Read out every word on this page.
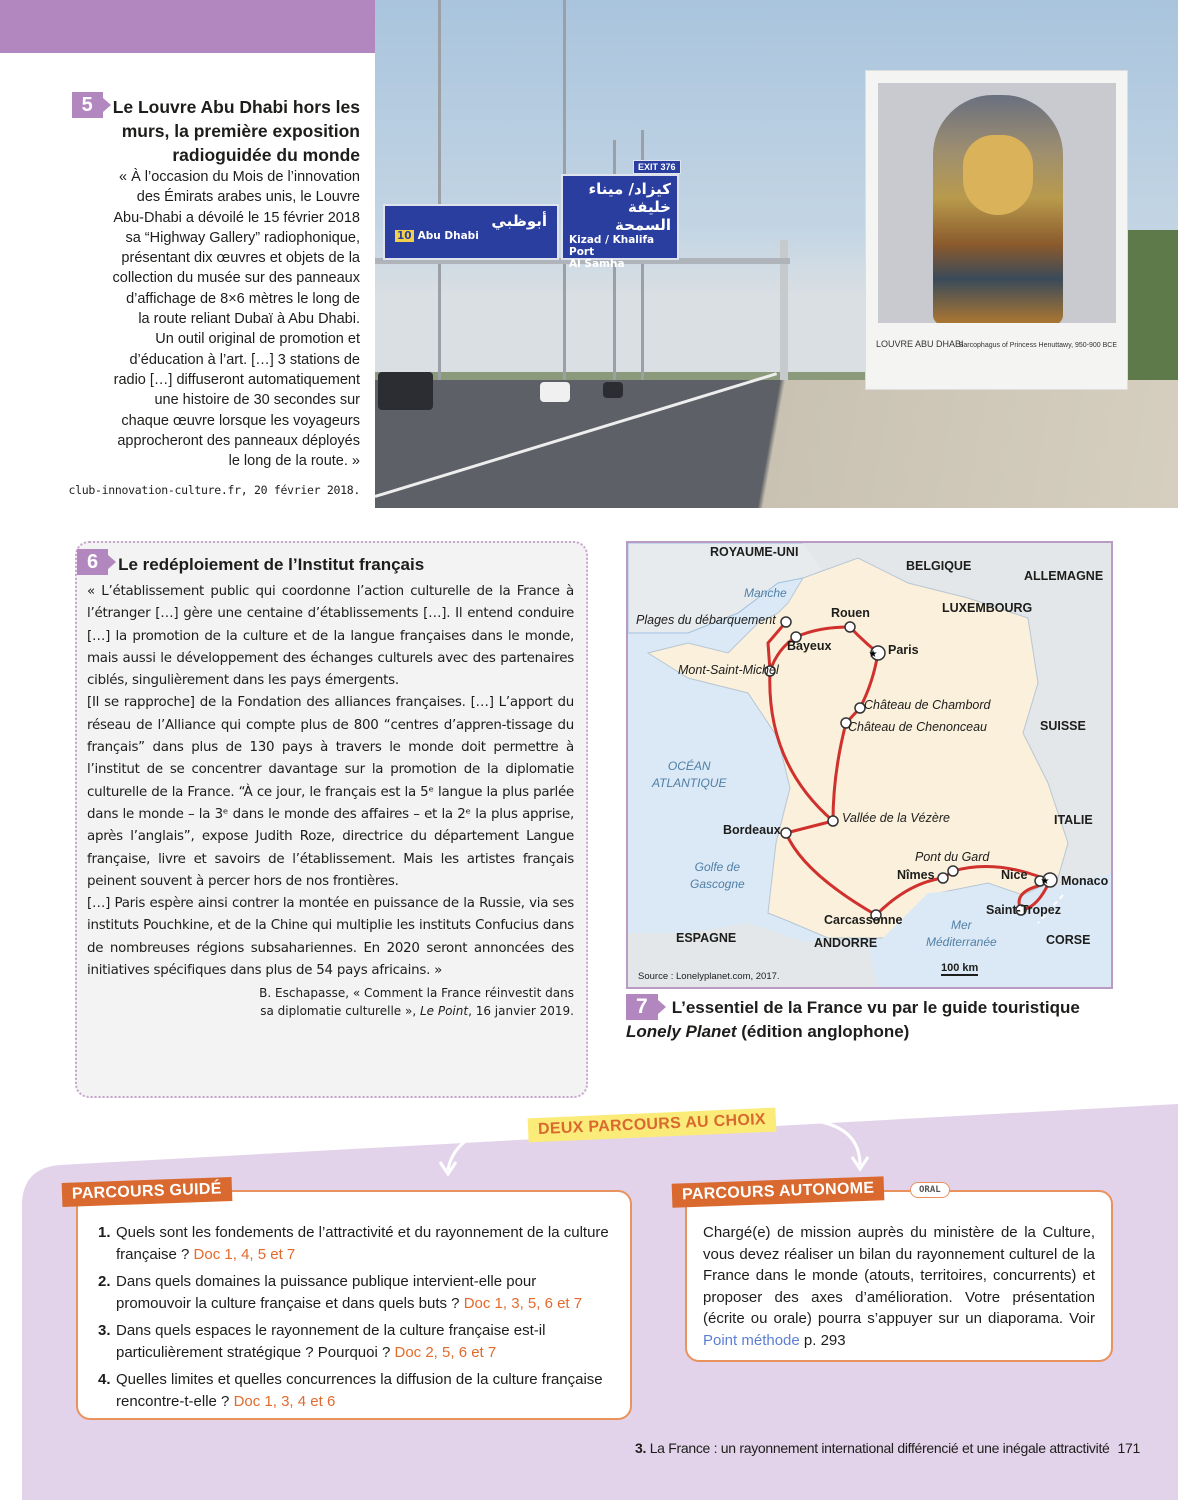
5 Le Louvre Abu Dhabi hors les murs, la première exposition radioguidée du monde
« À l’occasion du Mois de l’innovation
des Émirats arabes unis, le Louvre
Abu-Dhabi a dévoilé le 15 février 2018
sa “Highway Gallery” radiophonique,
présentant dix œuvres et objets de la
collection du musée sur des panneaux
d’affichage de 8×6 mètres le long de
la route reliant Dubaï à Abu Dhabi.
Un outil original de promotion et
d’éducation à l’art. […] 3 stations de
radio […] diffuseront automatiquement
une histoire de 30 secondes sur
chaque œuvre lorsque les voyageurs
approcheront des panneaux déployés
le long de la route. »
club-innovation-culture.fr, 20 février 2018.
أبوظبي
10 Abu Dhabi
EXIT 376
كيزاد/ ميناء خليفة
السمحة
Kizad / Khalifa Port
Al Samha
LOUVRE ABU DHABI
Sarcophagus of Princess Henuttawy, 950-900 BCE
6 Le redéploiement de l’Institut français

« L’établissement public qui coordonne l’action culturelle de la France à l’étranger […] gère une centaine d’établissements […]. Il entend conduire […] la promotion de la culture et de la langue françaises dans le monde, mais aussi le développement des échanges culturels avec des partenaires ciblés, singulièrement dans les pays émergents.

[Il se rapproche] de la Fondation des alliances françaises. […] L’apport du réseau de l’Alliance qui compte plus de 800 “centres d’appren-tissage du français” dans plus de 130 pays à travers le monde doit permettre à l’institut de se concentrer davantage sur la promotion de la diplomatie culturelle de la France. “À ce jour, le français est la 5ᵉ langue la plus parlée dans le monde – la 3ᵉ dans le monde des affaires – et la 2ᵉ la plus apprise, après l’anglais”, expose Judith Roze, directrice du département Langue française, livre et savoirs de l’établissement. Mais les artistes français peinent souvent à percer hors de nos frontières.

[…] Paris espère ainsi contrer la montée en puissance de la Russie, via ses instituts Pouchkine, et de la Chine qui multiplie les instituts Confucius dans de nombreuses régions subsahariennes. En 2020 seront annoncées des initiatives spécifiques dans plus de 54 pays africains. »

B. Eschapasse, « Comment la France réinvestit dans
sa diplomatie culturelle », Le Point, 16 janvier 2019.
★
★
ROYAUME-UNI
BELGIQUE
ALLEMAGNE
LUXEMBOURG
SUISSE
ITALIE
ESPAGNE	ANDORRE	CORSE
Manche
OCÉAN
ATLANTIQUE
Golfe de
Gascogne
Mer
Méditerranée
Plages du débarquement	Rouen
Bayeux	Paris
Mont-Saint-Michel
Château de Chambord
Château de Chenonceau
Vallée de la Vézère
Bordeaux
Pont du Gard
Nîmes	Nice	Monaco
Saint-Tropez
Carcassonne
100 km
Source : Lonelyplanet.com, 2017.
7 L’essentiel de la France vu par le guide touristique
Lonely Planet (édition anglophone)
DEUX PARCOURS AU CHOIX
1. Quels sont les fondements de l’attractivité et du rayonnement de la culture française ? Doc 1, 4, 5 et 7
2. Dans quels domaines la puissance publique intervient-elle pour promouvoir la culture française et dans quels buts ? Doc 1, 3, 5, 6 et 7
3. Dans quels espaces le rayonnement de la culture française est-il particulièrement stratégique ? Pourquoi ? Doc 2, 5, 6 et 7
4. Quelles limites et quelles concurrences la diffusion de la culture française rencontre-t-elle ? Doc 1, 3, 4 et 6
PARCOURS GUIDÉ

Chargé(e) de mission auprès du ministère de la Culture, vous devez réaliser un bilan du rayonnement culturel de la France dans le monde (atouts, territoires, concurrents) et proposer des axes d’amélioration. Votre présentation (écrite ou orale) pourra s’appuyer sur un diaporama. Voir Point méthode p. 293

PARCOURS AUTONOME	ORAL
3. La France : un rayonnement international différencié et une inégale attractivité 171
